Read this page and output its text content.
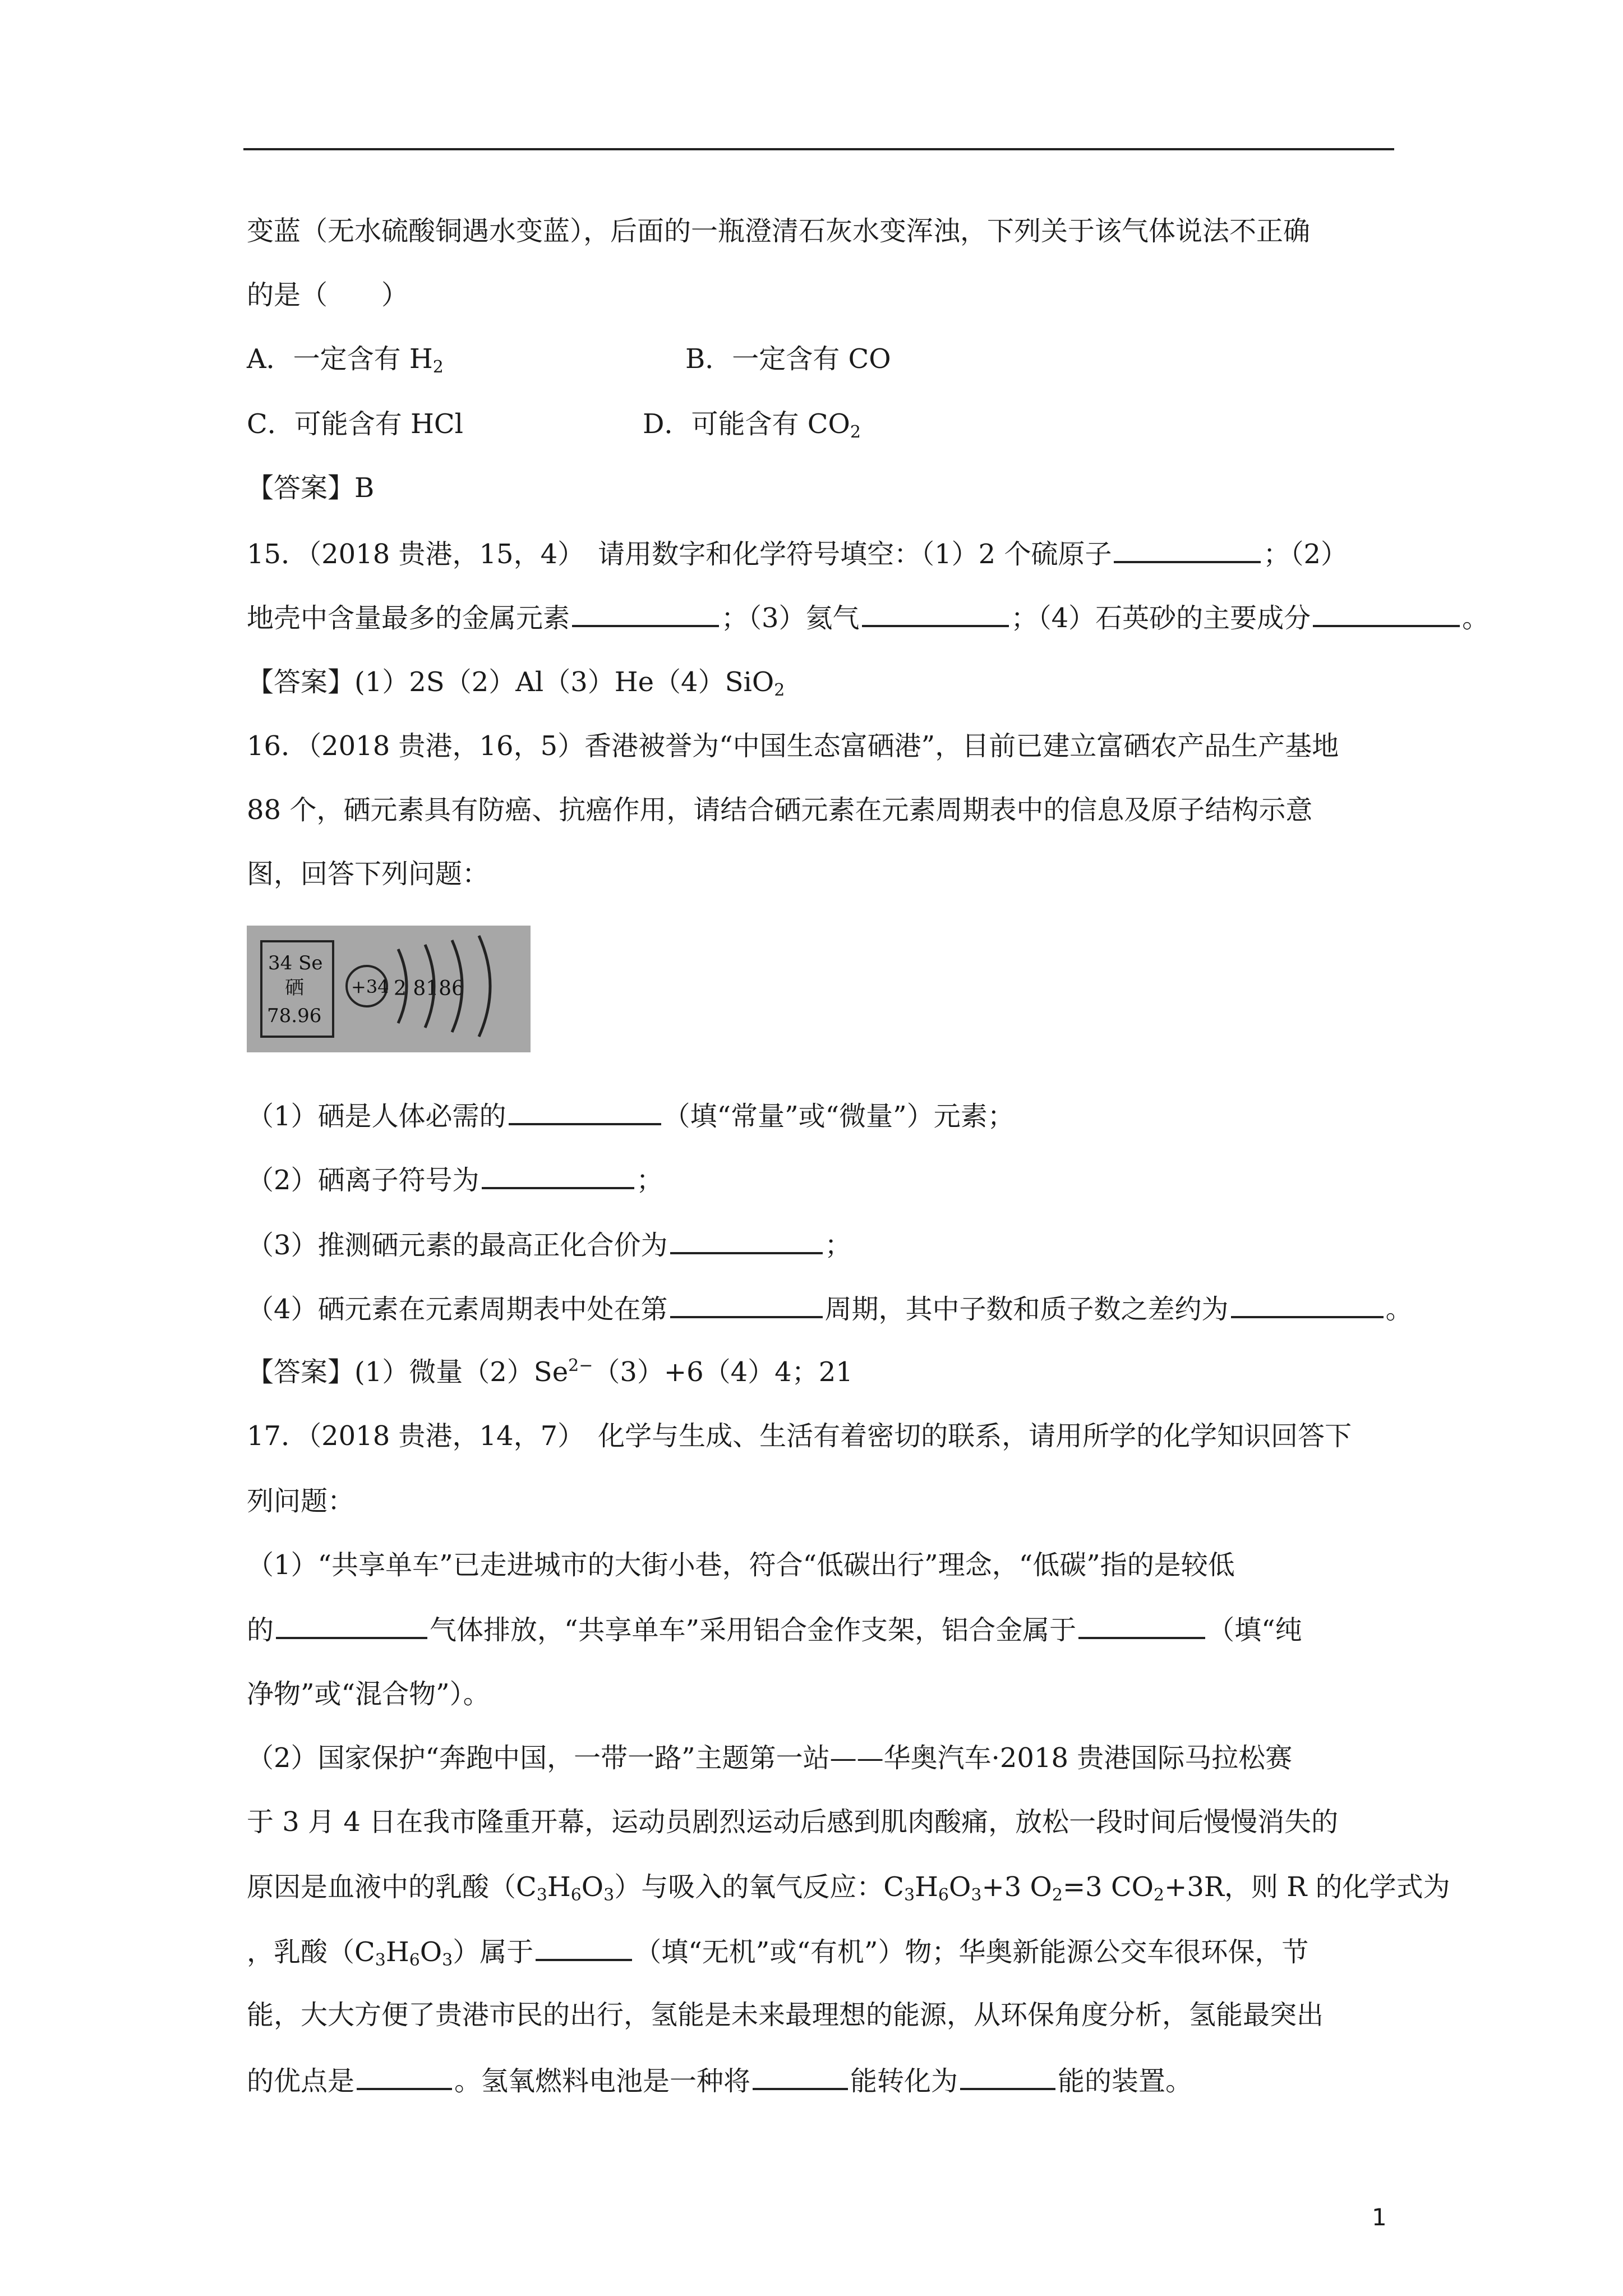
变蓝（无水硫酸铜遇水变蓝），后面的一瓶澄清石灰水变浑浊，下列关于该气体说法不正确
的是（　　）
A．一定含有 $H_2$	B．一定含有 CO
C．可能含有 HCl	D．可能含有 $CO_2$
【答案】B
15．（2018 贵港，15，4）　请用数字和化学符号填空：（1）2 个硫原子	；（2）
地壳中含量最多的金属元素	；（3）氦气	；（4）石英砂的主要成分	。
【答案】(1）2S（2）Al（3）He（4）SiO$_2$
16．（2018 贵港，16，5）香港被誉为“中国生态富硒港”，目前已建立富硒农产品生产基地
88 个，硒元素具有防癌、抗癌作用，请结合硒元素在元素周期表中的信息及原子结构示意
图，回答下列问题：
34 Se
硒
78.96
+34 2 8186
（1）硒是人体必需的	（填“常量”或“微量”）元素；
（2）硒离子符号为	；
（3）推测硒元素的最高正化合价为	；
（4）硒元素在元素周期表中处在第	周期，其中子数和质子数之差约为	。
【答案】(1）微量$(2)Se^{2-}(3)+6(4)4$；21
17．（2018 贵港，14，7）　化学与生成、生活有着密切的联系，请用所学的化学知识回答下
列问题：
（1）“共享单车”已走进城市的大街小巷，符合“低碳出行”理念，“低碳”指的是较低
的	气体排放，“共享单车”采用铝合金作支架，铝合金属于	（填“纯
净物”或“混合物”）。
（2）国家保护“奔跑中国，一带一路”主题第一站——华奥汽车·2018 贵港国际马拉松赛
于 3 月 4 日在我市隆重开幕，运动员剧烈运动后感到肌肉酸痛，放松一段时间后慢慢消失的
原因是血液中的乳酸$(C_3H_6O_3)$与吸入的氧气反应：$C_3H_6O_3+3$ $O_2=3$ $CO_2+3R$，则 R 的化学式为
，乳酸$(C_3H_6O_3)$属于	（填“无机”或“有机”）物；华奥新能源公交车很环保，节
能，大大方便了贵港市民的出行，氢能是未来最理想的能源，从环保角度分析，氢能最突出
的优点是	。氢氧燃料电池是一种将	能转化为	能的装置。
1
